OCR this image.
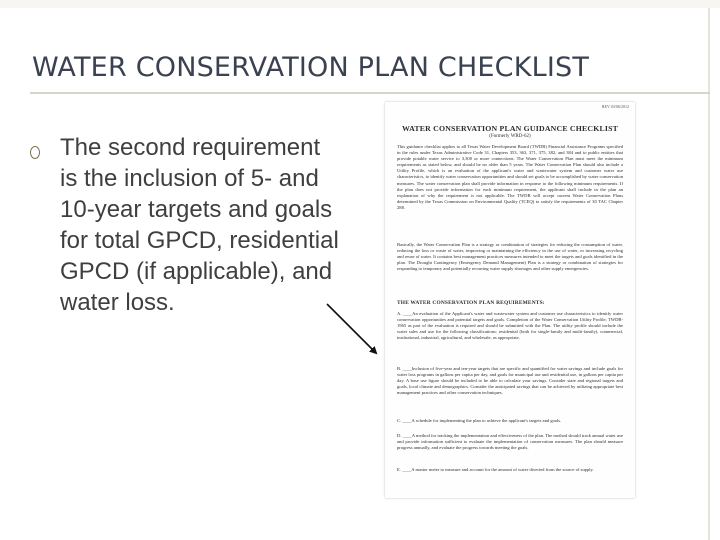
WATER CONSERVATION PLAN CHECKLIST

The second requirement is the inclusion of 5- and 10-year targets and goals for total GPCD, residential GPCD (if applicable), and water loss.

REV 03/06/2012
WATER CONSERVATION PLAN GUIDANCE CHECKLIST
(Formerly WRD-62)

This guidance checklist applies to all Texas Water Development Board (TWDB) Financial Assistance Programs specified in the rules under Texas Administrative Code 31, Chapters 353, 363, 371, 375, 382, and 384 and to public entities that provide potable water service to 3,300 or more connections. The Water Conservation Plan must meet the minimum requirements as stated below, and should be no older than 5 years. The Water Conservation Plan should also include a Utility Profile, which is an evaluation of the applicant's water and wastewater system and customer water use characteristics, to identify water conservation opportunities and should set goals to be accomplished by water conservation measures. The water conservation plan shall provide information in response to the following minimum requirements. If the plan does not provide information for each minimum requirement, the applicant shall include in the plan an explanation of why the requirement is not applicable. The TWDB will accept current Water Conservation Plans determined by the Texas Commission on Environmental Quality (TCEQ) to satisfy the requirements of 30 TAC Chapter 288.

Basically, the Water Conservation Plan is a strategy or combination of strategies for reducing the consumption of water, reducing the loss or waste of water, improving or maintaining the efficiency in the use of water, or increasing recycling and reuse of water. It contains best management practices measures intended to meet the targets and goals identified in the plan. The Drought Contingency (Emergency Demand Management) Plan is a strategy or combination of strategies for responding to temporary and potentially recurring water supply shortages and other supply emergencies.

THE WATER CONSERVATION PLAN REQUIREMENTS:

A. ____An evaluation of the Applicant's water and wastewater system and customer use characteristics to identify water conservation opportunities and potential targets and goals. Completion of the Water Conservation Utility Profile, TWDB-1965 as part of the evaluation is required and should be submitted with the Plan. The utility profile should include the water sales and use for the following classifications: residential (both for single-family and multi-family), commercial, institutional, industrial, agricultural, and wholesale, as appropriate.

B. ____Inclusion of five-year and ten-year targets that are specific and quantified for water savings and include goals for water loss programs in gallons per capita per day, and goals for municipal use and residential use, in gallons per capita per day. A base use figure should be included to be able to calculate your savings. Consider state and regional targets and goals, local climate and demographics. Consider the anticipated savings that can be achieved by utilizing appropriate best management practices and other conservation techniques.

C. ____A schedule for implementing the plan to achieve the applicant's targets and goals.

D. ____A method for tracking the implementation and effectiveness of the plan. The method should track annual water use and provide information sufficient to evaluate the implementation of conservation measures. The plan should measure progress annually, and evaluate the progress towards meeting the goals.

E. ____A master meter to measure and account for the amount of water diverted from the source of supply.
